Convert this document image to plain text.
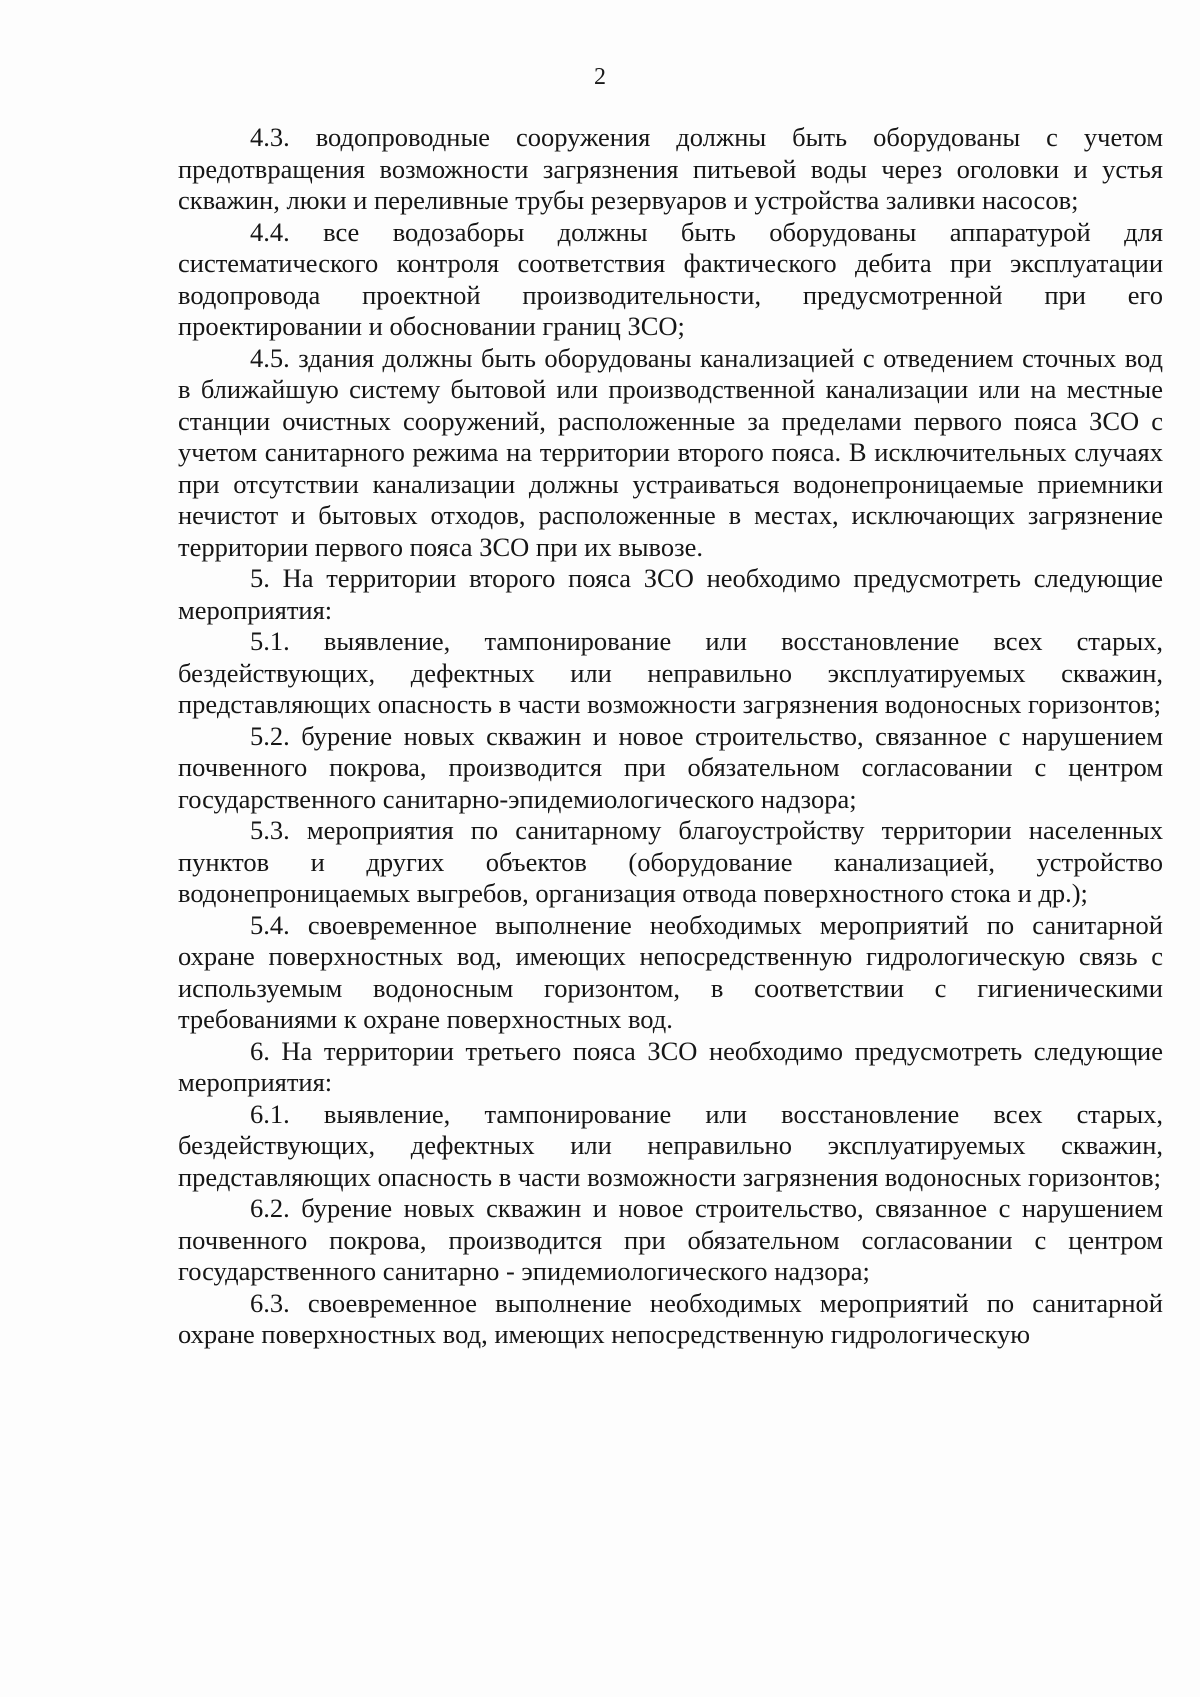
2

4.3. водопроводные сооружения должны быть оборудованы с учетом предотвращения возможности загрязнения питьевой воды через оголовки и устья скважин, люки и переливные трубы резервуаров и устройства заливки насосов;

4.4. все водозаборы должны быть оборудованы аппаратурой для систематического контроля соответствия фактического дебита при эксплуатации водопровода проектной производительности, предусмотренной при его проектировании и обосновании границ ЗСО;

4.5. здания должны быть оборудованы канализацией с отведением сточных вод в ближайшую систему бытовой или производственной канализации или на местные станции очистных сооружений, расположенные за пределами первого пояса ЗСО с учетом санитарного режима на территории второго пояса. В исключительных случаях при отсутствии канализации должны устраиваться водонепроницаемые приемники нечистот и бытовых отходов, расположенные в местах, исключающих загрязнение территории первого пояса ЗСО при их вывозе.

5. На территории второго пояса ЗСО необходимо предусмотреть следующие мероприятия:

5.1. выявление, тампонирование или восстановление всех старых, бездействующих, дефектных или неправильно эксплуатируемых скважин, представляющих опасность в части возможности загрязнения водоносных горизонтов;

5.2. бурение новых скважин и новое строительство, связанное с нарушением почвенного покрова, производится при обязательном согласовании с центром государственного санитарно-эпидемиологического надзора;

5.3. мероприятия по санитарному благоустройству территории населенных пунктов и других объектов (оборудование канализацией, устройство водонепроницаемых выгребов, организация отвода поверхностного стока и др.);

5.4. своевременное выполнение необходимых мероприятий по санитарной охране поверхностных вод, имеющих непосредственную гидрологическую связь с используемым водоносным горизонтом, в соответствии с гигиеническими требованиями к охране поверхностных вод.

6. На территории третьего пояса ЗСО необходимо предусмотреть следующие мероприятия:

6.1. выявление, тампонирование или восстановление всех старых, бездействующих, дефектных или неправильно эксплуатируемых скважин, представляющих опасность в части возможности загрязнения водоносных горизонтов;

6.2. бурение новых скважин и новое строительство, связанное с нарушением почвенного покрова, производится при обязательном согласовании с центром государственного санитарно - эпидемиологического надзора;

6.3. своевременное выполнение необходимых мероприятий по санитарной охране поверхностных вод, имеющих непосредственную гидрологическую
